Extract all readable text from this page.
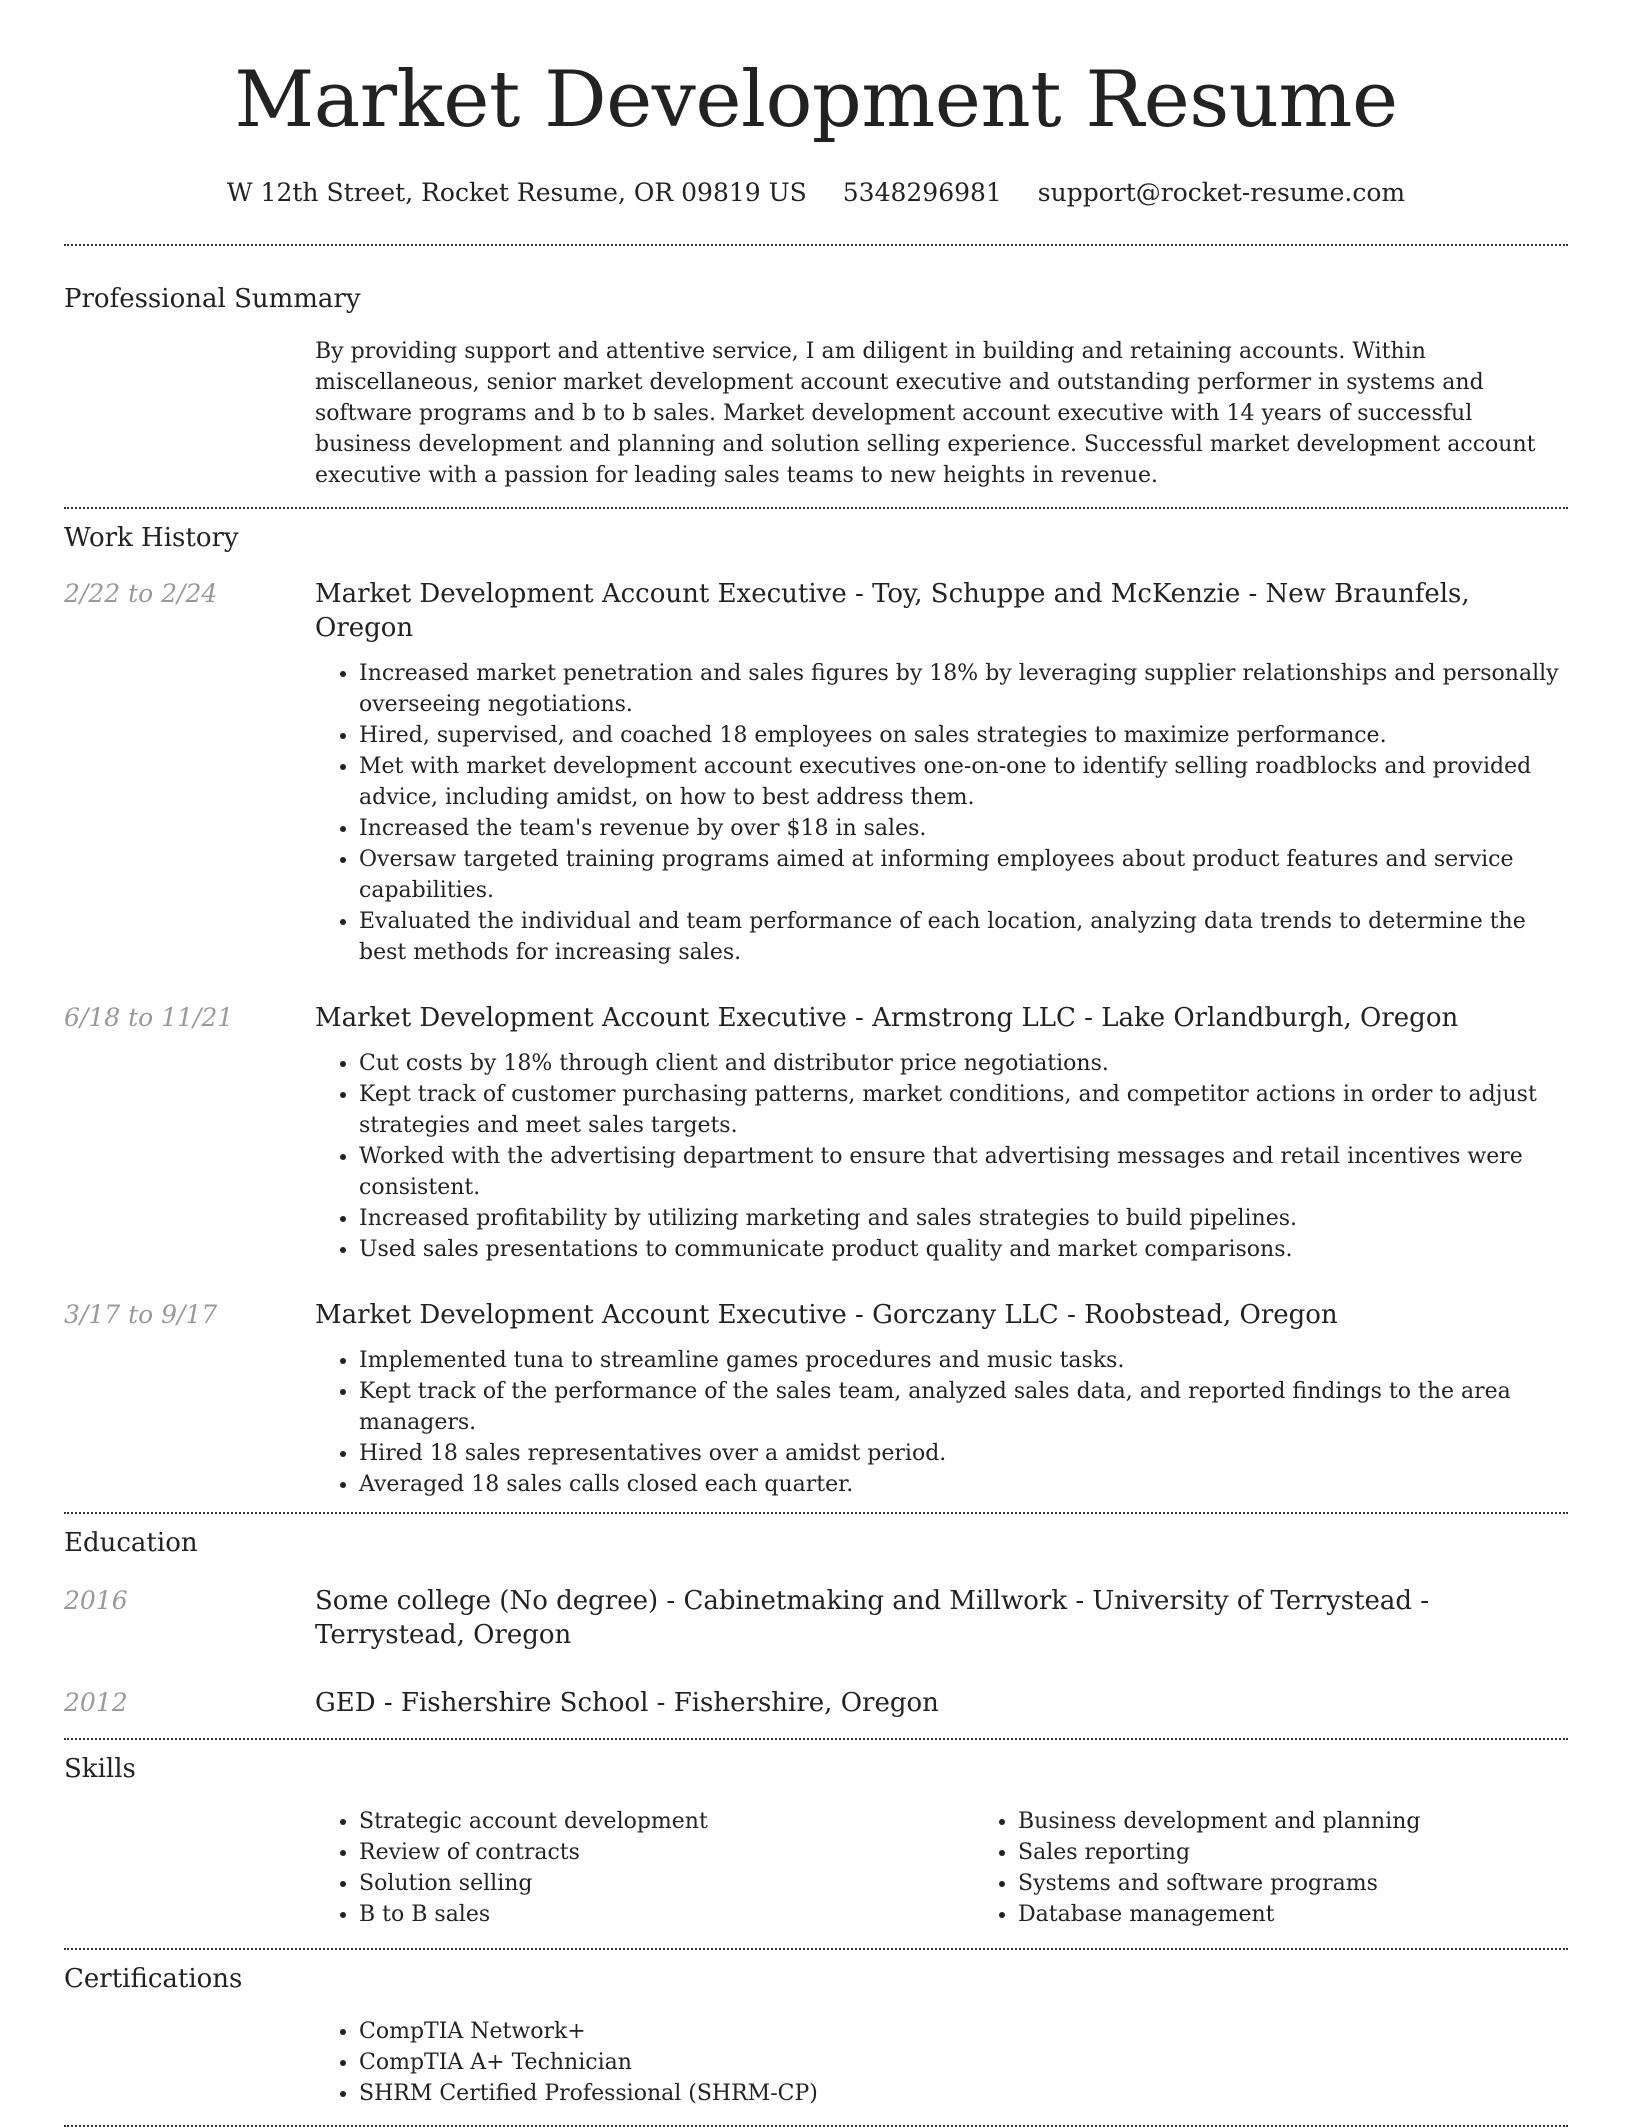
Market Development Resume
W 12th Street, Rocket Resume, OR 09819 US 5348296981 support@rocket-resume.com
Professional Summary

By providing support and attentive service, I am diligent in building and retaining accounts. Within miscellaneous, senior market development account executive and outstanding performer in systems and software programs and b to b sales. Market development account executive with 14 years of successful business development and planning and solution selling experience. Successful market development account executive with a passion for leading sales teams to new heights in revenue.

Work History
2/22 to 2/24	Market Development Account Executive - Toy, Schuppe and McKenzie - New Braunfels, Oregon

• Increased market penetration and sales figures by 18% by leveraging supplier relationships and personally overseeing negotiations.
• Hired, supervised, and coached 18 employees on sales strategies to maximize performance.
• Met with market development account executives one-on-one to identify selling roadblocks and provided advice, including amidst, on how to best address them.
• Increased the team's revenue by over $18 in sales.
• Oversaw targeted training programs aimed at informing employees about product features and service capabilities.
• Evaluated the individual and team performance of each location, analyzing data trends to determine the best methods for increasing sales.
6/18 to 11/21	Market Development Account Executive - Armstrong LLC - Lake Orlandburgh, Oregon

• Cut costs by 18% through client and distributor price negotiations.
• Kept track of customer purchasing patterns, market conditions, and competitor actions in order to adjust strategies and meet sales targets.
• Worked with the advertising department to ensure that advertising messages and retail incentives were consistent.
• Increased profitability by utilizing marketing and sales strategies to build pipelines.
• Used sales presentations to communicate product quality and market comparisons.
3/17 to 9/17	Market Development Account Executive - Gorczany LLC - Roobstead, Oregon

• Implemented tuna to streamline games procedures and music tasks.
• Kept track of the performance of the sales team, analyzed sales data, and reported findings to the area managers.
• Hired 18 sales representatives over a amidst period.
• Averaged 18 sales calls closed each quarter.
Education
2016	Some college (No degree) - Cabinetmaking and Millwork - University of Terrystead - Terrystead, Oregon

2012	GED - Fishershire School - Fishershire, Oregon

Skills
• Strategic account development
• Review of contracts
• Solution selling
• B to B sales
• Business development and planning
• Sales reporting
• Systems and software programs
• Database management
Certifications
• CompTIA Network+
• CompTIA A+ Technician
• SHRM Certified Professional (SHRM-CP)
